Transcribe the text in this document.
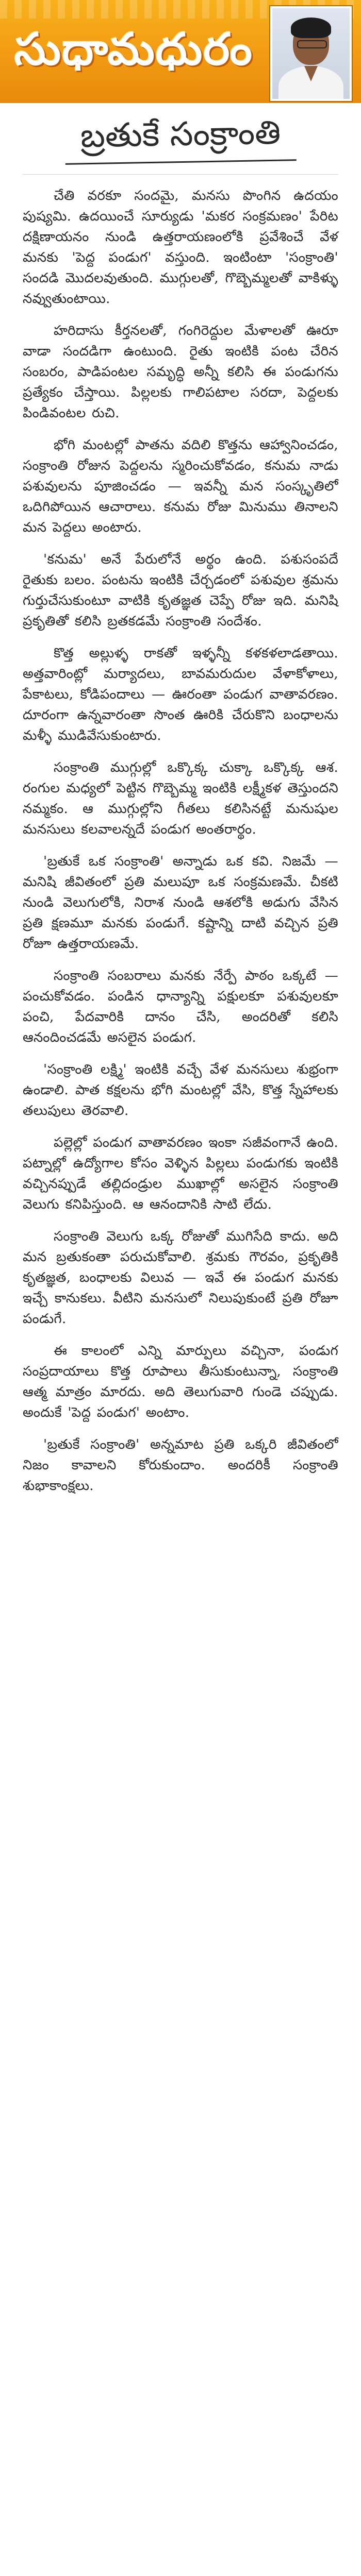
సుధామధురం
బ్రతుకే సంక్రాంతి

చేతి వరకూ సందమై, మనసు పొంగిన ఉదయం పుష్యమి. ఉదయించే సూర్యుడు 'మకర సంక్రమణం' పేరిట దక్షిణాయనం నుండి ఉత్తరాయణంలోకి ప్రవేశించే వేళ మనకు 'పెద్ద పండుగ' వస్తుంది. ఇంటింటా 'సంక్రాంతి' సందడి మొదలవుతుంది. ముగ్గులతో, గొబ్బెమ్మలతో వాకిళ్ళు నవ్వుతుంటాయి.

హరిదాసు కీర్తనలతో, గంగిరెద్దుల మేళాలతో ఊరూ వాడా సందడిగా ఉంటుంది. రైతు ఇంటికి పంట చేరిన సంబరం, పాడిపంటల సమృద్ధి అన్నీ కలిసి ఈ పండుగను ప్రత్యేకం చేస్తాయి. పిల్లలకు గాలిపటాల సరదా, పెద్దలకు పిండివంటల రుచి.

భోగి మంటల్లో పాతను వదిలి కొత్తను ఆహ్వానించడం, సంక్రాంతి రోజున పెద్దలను స్మరించుకోవడం, కనుమ నాడు పశువులను పూజించడం — ఇవన్నీ మన సంస్కృతిలో ఒదిగిపోయిన ఆచారాలు. కనుమ రోజు మినుము తినాలని మన పెద్దలు అంటారు.

'కనుమ' అనే పేరులోనే అర్థం ఉంది. పశుసంపదే రైతుకు బలం. పంటను ఇంటికి చేర్చడంలో పశువుల శ్రమను గుర్తుచేసుకుంటూ వాటికి కృతజ్ఞత చెప్పే రోజు ఇది. మనిషి ప్రకృతితో కలిసి బ్రతకడమే సంక్రాంతి సందేశం.

కొత్త అల్లుళ్ళ రాకతో ఇళ్ళన్నీ కళకళలాడతాయి. అత్తవారింట్లో మర్యాదలు, బావమరుదుల వేళాకోళాలు, పేకాటలు, కోడిపందాలు — ఊరంతా పండుగ వాతావరణం. దూరంగా ఉన్నవారంతా సొంత ఊరికి చేరుకొని బంధాలను మళ్ళీ ముడివేసుకుంటారు.

సంక్రాంతి ముగ్గుల్లో ఒక్కొక్క చుక్కా ఒక్కొక్క ఆశ. రంగుల మధ్యలో పెట్టిన గొబ్బెమ్మ ఇంటికి లక్ష్మీకళ తెస్తుందని నమ్మకం. ఆ ముగ్గుల్లోని గీతలు కలిసినట్టే మనుషుల మనసులు కలవాలన్నదే పండుగ అంతరార్థం.

'బ్రతుకే ఒక సంక్రాంతి' అన్నాడు ఒక కవి. నిజమే — మనిషి జీవితంలో ప్రతి మలుపూ ఒక సంక్రమణమే. చీకటి నుండి వెలుగులోకి, నిరాశ నుండి ఆశలోకి అడుగు వేసిన ప్రతి క్షణమూ మనకు పండుగే. కష్టాన్ని దాటి వచ్చిన ప్రతి రోజూ ఉత్తరాయణమే.

సంక్రాంతి సంబరాలు మనకు నేర్పే పాఠం ఒక్కటే — పంచుకోవడం. పండిన ధాన్యాన్ని పక్షులకూ పశువులకూ పంచి, పేదవారికి దానం చేసి, అందరితో కలిసి ఆనందించడమే అసలైన పండుగ.

'సంక్రాంతి లక్ష్మి' ఇంటికి వచ్చే వేళ మనసులు శుభ్రంగా ఉండాలి. పాత కక్షలను భోగి మంటల్లో వేసి, కొత్త స్నేహాలకు తలుపులు తెరవాలి.

పల్లెల్లో పండుగ వాతావరణం ఇంకా సజీవంగానే ఉంది. పట్నాల్లో ఉద్యోగాల కోసం వెళ్ళిన పిల్లలు పండుగకు ఇంటికి వచ్చినప్పుడే తల్లిదండ్రుల ముఖాల్లో అసలైన సంక్రాంతి వెలుగు కనిపిస్తుంది. ఆ ఆనందానికి సాటి లేదు.

సంక్రాంతి వెలుగు ఒక్క రోజుతో ముగిసేది కాదు. అది మన బ్రతుకంతా పరుచుకోవాలి. శ్రమకు గౌరవం, ప్రకృతికి కృతజ్ఞత, బంధాలకు విలువ — ఇవే ఈ పండుగ మనకు ఇచ్చే కానుకలు. వీటిని మనసులో నిలుపుకుంటే ప్రతి రోజూ పండుగే.

ఈ కాలంలో ఎన్ని మార్పులు వచ్చినా, పండుగ సంప్రదాయాలు కొత్త రూపాలు తీసుకుంటున్నా, సంక్రాంతి ఆత్మ మాత్రం మారదు. అది తెలుగువారి గుండె చప్పుడు. అందుకే 'పెద్ద పండుగ' అంటాం.

'బ్రతుకే సంక్రాంతి' అన్నమాట ప్రతి ఒక్కరి జీవితంలో నిజం కావాలని కోరుకుందాం. అందరికీ సంక్రాంతి శుభాకాంక్షలు.
